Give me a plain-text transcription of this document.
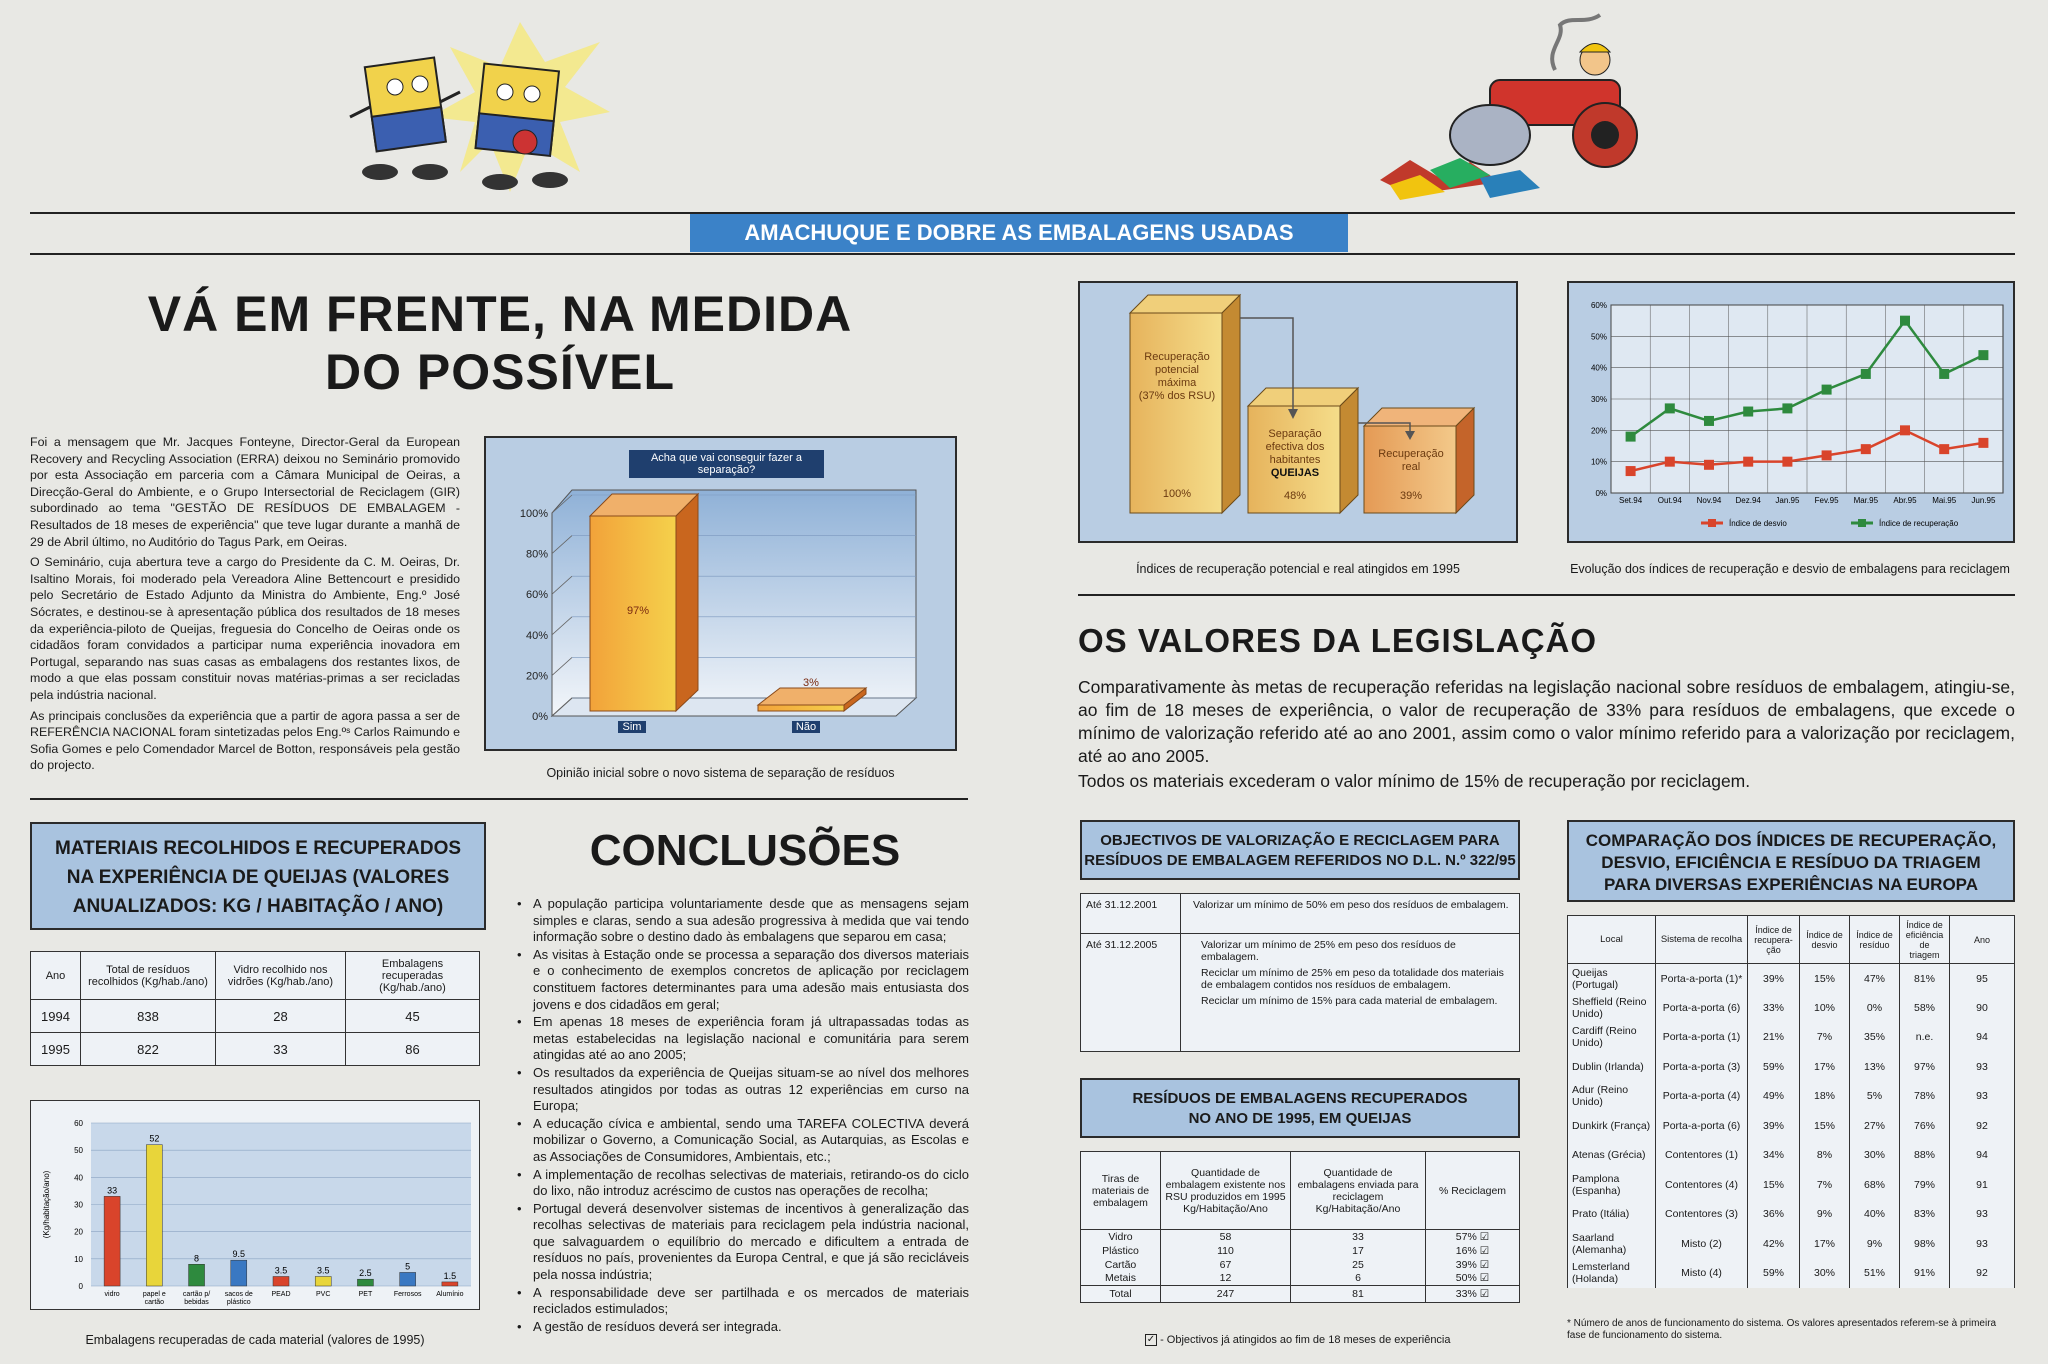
AMACHUQUE E DOBRE AS EMBALAGENS USADAS
VÁ EM FRENTE, NA MEDIDA
DO POSSÍVEL

Foi a mensagem que Mr. Jacques Fonteyne, Director-Geral da European Recovery and Recycling Association (ERRA) deixou no Seminário promovido por esta Associação em parceria com a Câmara Municipal de Oeiras, a Direcção-Geral do Ambiente, e o Grupo Intersectorial de Reciclagem (GIR) subordinado ao tema "GESTÃO DE RESÍDUOS DE EMBALAGEM - Resultados de 18 meses de experiência" que teve lugar durante a manhã de 29 de Abril último, no Auditório do Tagus Park, em Oeiras.

O Seminário, cuja abertura teve a cargo do Presidente da C. M. Oeiras, Dr. Isaltino Morais, foi moderado pela Vereadora Aline Bettencourt e presidido pelo Secretário de Estado Adjunto da Ministra do Ambiente, Eng.º José Sócrates, e destinou-se à apresentação pública dos resultados de 18 meses da experiência-piloto de Queijas, freguesia do Concelho de Oeiras onde os cidadãos foram convidados a participar numa experiência inovadora em Portugal, separando nas suas casas as embalagens dos restantes lixos, de modo a que elas possam constituir novas matérias-primas a ser recicladas pela indústria nacional.

As principais conclusões da experiência que a partir de agora passa a ser de REFERÊNCIA NACIONAL foram sintetizadas pelos Eng.ºˢ Carlos Raimundo e Sofia Gomes e pelo Comendador Marcel de Botton, responsáveis pela gestão do projecto.

Acha que vai conseguir fazer a separação?
100%
80%
60%
40%
20%
0%
97%
3%
Sim	Não
Opinião inicial sobre o novo sistema de separação de resíduos
MATERIAIS RECOLHIDOS E RECUPERADOS
NA EXPERIÊNCIA DE QUEIJAS (VALORES
ANUALIZADOS: KG / HABITAÇÃO / ANO)
Ano	Total de resíduos recolhidos (Kg/hab./ano)	Vidro recolhido nos vidrões (Kg/hab./ano)	Embalagens recuperadas (Kg/hab./ano)
1994	838	28	45
1995	822	33	86
60
50
40
30
20
10
0
(Kg/habitação/ano)	33
vidro
52
papel e cartão
8
cartão p/ bebidas
9.5
sacos de plástico
3.5
PEAD
3.5
PVC
2.5
PET
5
Ferrosos
1.5
Alumínio
Embalagens recuperadas de cada material (valores de 1995)
CONCLUSÕES
• A população participa voluntariamente desde que as mensagens sejam simples e claras, sendo a sua adesão progressiva à medida que vai tendo informação sobre o destino dado às embalagens que separou em casa;
• As visitas à Estação onde se processa a separação dos diversos materiais e o conhecimento de exemplos concretos de aplicação por reciclagem constituem factores determinantes para uma adesão mais entusiasta dos jovens e dos cidadãos em geral;
• Em apenas 18 meses de experiência foram já ultrapassadas todas as metas estabelecidas na legislação nacional e comunitária para serem atingidas até ao ano 2005;
• Os resultados da experiência de Queijas situam-se ao nível dos melhores resultados atingidos por todas as outras 12 experiências em curso na Europa;
• A educação cívica e ambiental, sendo uma TAREFA COLECTIVA deverá mobilizar o Governo, a Comunicação Social, as Autarquias, as Escolas e as Associações de Consumidores, Ambientais, etc.;
• A implementação de recolhas selectivas de materiais, retirando-os do ciclo do lixo, não introduz acréscimo de custos nas operações de recolha;
• Portugal deverá desenvolver sistemas de incentivos à generalização das recolhas selectivas de materiais para reciclagem pela indústria nacional, que salvaguardem o equilíbrio do mercado e dificultem a entrada de resíduos no país, provenientes da Europa Central, e que já são recicláveis pela nossa indústria;
• A responsabilidade deve ser partilhada e os mercados de materiais reciclados estimulados;
• A gestão de resíduos deverá ser integrada.
Recuperação
potencial
máxima
(37% dos RSU)
100%
Separação
efectiva dos
habitantes
QUEIJAS
48%
Recuperação
real
39%
Índices de recuperação potencial e real atingidos em 1995
60%
50%
40%
30%
20%
10%
0%
Set.94 Out.94 Nov.94 Dez.94 Jan.95 Fev.95 Mar.95 Abr.95 Mai.95 Jun.95
Índice de desvio	Índice de recuperação
Evolução dos índices de recuperação e desvio de embalagens para reciclagem
OS VALORES DA LEGISLAÇÃO

Comparativamente às metas de recuperação referidas na legislação nacional sobre resíduos de embalagem, atingiu-se, ao fim de 18 meses de experiência, o valor de recuperação de 33% para resíduos de embalagens, que excede o mínimo de valorização referido até ao ano 2001, assim como o valor mínimo referido para a valorização por reciclagem, até ao ano 2005.

Todos os materiais excederam o valor mínimo de 15% de recuperação por reciclagem.

OBJECTIVOS DE VALORIZAÇÃO E RECICLAGEM PARA
RESÍDUOS DE EMBALAGEM REFERIDOS NO D.L. N.º 322/95
Até 31.12.2001	Valorizar um mínimo de 50% em peso dos resíduos de embalagem.

Até 31.12.2005	Valorizar um mínimo de 25% em peso dos resíduos de embalagem.
Reciclar um mínimo de 25% em peso da totalidade dos materiais de embalagem contidos nos resíduos de embalagem.
Reciclar um mínimo de 15% para cada material de embalagem.
RESÍDUOS DE EMBALAGENS RECUPERADOS
NO ANO DE 1995, EM QUEIJAS
Tiras de materiais de embalagem	Quantidade de embalagem existente nos RSU produzidos em 1995 Kg/Habitação/Ano	Quantidade de embalagens enviada para reciclagem Kg/Habitação/Ano	% Reciclagem
Vidro	58	33	57% ☑
Plástico	110	17	16% ☑
Cartão	67	25	39% ☑
Metais	12	6	50% ☑
Total	247	81	33% ☑
✓ - Objectivos já atingidos ao fim de 18 meses de experiência
COMPARAÇÃO DOS ÍNDICES DE RECUPERAÇÃO,
DESVIO, EFICIÊNCIA E RESÍDUO DA TRIAGEM
PARA DIVERSAS EXPERIÊNCIAS NA EUROPA
Local	Sistema de recolha	Índice de recupera-ção	Índice de desvio	Índice de resíduo	Índice de eficiência de triagem	Ano
Queijas (Portugal)	Porta-a-porta (1)*	39%	15%	47%	81%	95
Sheffield (Reino Unido)	Porta-a-porta (6)	33%	10%	0%	58%	90
Cardiff (Reino Unido)	Porta-a-porta (1)	21%	7%	35%	n.e.	94
Dublin (Irlanda)	Porta-a-porta (3)	59%	17%	13%	97%	93
Adur (Reino Unido)	Porta-a-porta (4)	49%	18%	5%	78%	93
Dunkirk (França)	Porta-a-porta (6)	39%	15%	27%	76%	92
Atenas (Grécia)	Contentores (1)	34%	8%	30%	88%	94
Pamplona (Espanha)	Contentores (4)	15%	7%	68%	79%	91
Prato (Itália)	Contentores (3)	36%	9%	40%	83%	93
Saarland (Alemanha)	Misto (2)	42%	17%	9%	98%	93
Lemsterland (Holanda)	Misto (4)	59%	30%	51%	91%	92
* Número de anos de funcionamento do sistema. Os valores apresentados referem-se à primeira fase de funcionamento do sistema.
